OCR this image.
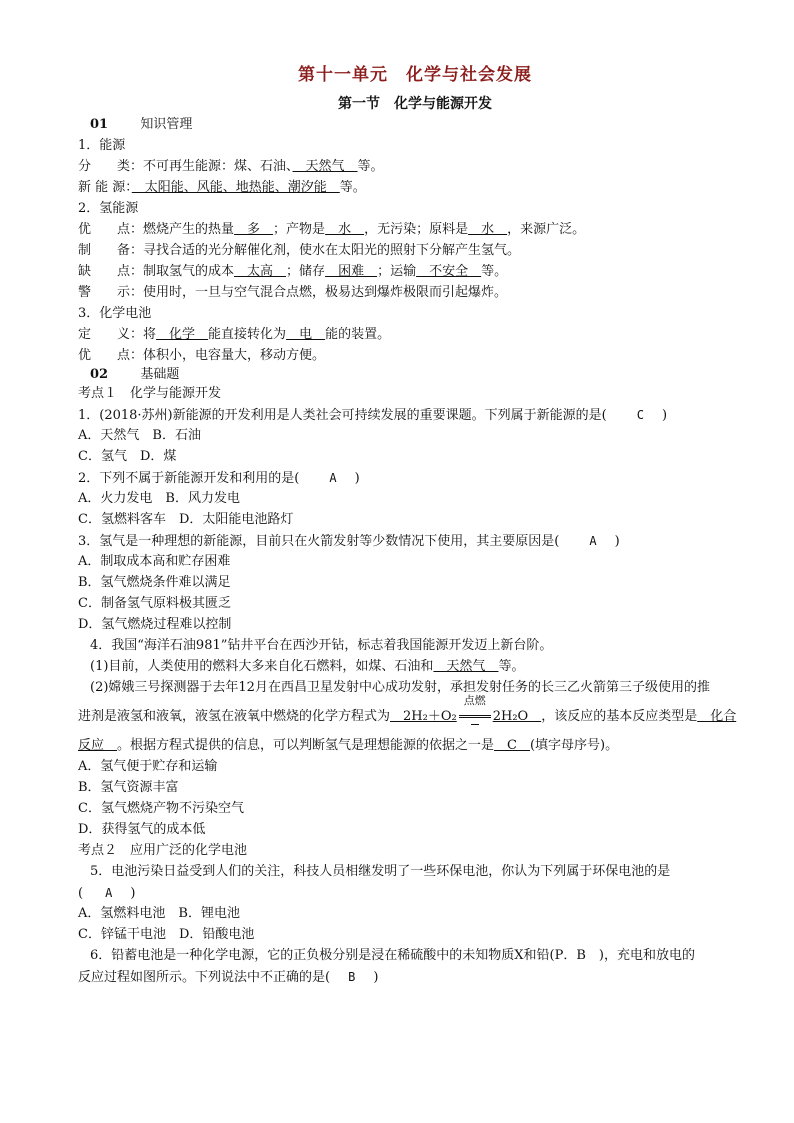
第十一单元　化学与社会发展
第一节　化学与能源开发
01 知识管理
1．能源
分　　类：不可再生能源：煤、石油、　天然气　等。
新 能 源：　太阳能、风能、地热能、潮汐能　等。
2．氢能源
优　　点：燃烧产生的热量　多　；产物是　水　，无污染；原料是　水　，来源广泛。
制　　备：寻找合适的光分解催化剂，使水在太阳光的照射下分解产生氢气。
缺　　点：制取氢气的成本　太高　；储存　困难　；运输　不安全　等。
警　　示：使用时，一旦与空气混合点燃，极易达到爆炸极限而引起爆炸。
3．化学电池
定　　义：将　化学　能直接转化为　电　能的装置。
优　　点：体积小，电容量大，移动方便。
02 基础题
考点１　化学与能源开发
1．(2018·苏州)新能源的开发利用是人类社会可持续发展的重要课题。下列属于新能源的是(	C )
A．天然气　B．石油
C．氢气　D．煤
2．下列不属于新能源开发和利用的是(	A )
A．火力发电　B．风力发电
C．氢燃料客车　D．太阳能电池路灯
3．氢气是一种理想的新能源，目前只在火箭发射等少数情况下使用，其主要原因是(	A )
A．制取成本高和贮存困难
B．氢气燃烧条件难以满足
C．制备氢气原料极其匮乏
D．氢气燃烧过程难以控制
4．我国“海洋石油981”钻井平台在西沙开钻，标志着我国能源开发迈上新台阶。
(1)目前，人类使用的燃料大多来自化石燃料，如煤、石油和　天然气　等。
(2)嫦娥三号探测器于去年12月在西昌卫星发射中心成功发射，承担发射任务的长三乙火箭第三子级使用的推
进剂是液氢和液氧，液氢在液氧中燃烧的化学方程式为　2H₂＋O₂
点燃
2H₂O　，该反应的基本反应类型是　化合
反应　。根据方程式提供的信息，可以判断氢气是理想能源的依据之一是　C　(填字母序号)。
A．氢气便于贮存和运输
B．氢气资源丰富
C．氢气燃烧产物不污染空气
D．获得氢气的成本低
考点２　应用广泛的化学电池
5．电池污染日益受到人们的关注，科技人员相继发明了一些环保电池，你认为下列属于环保电池的是
( A )
A．氢燃料电池　B．锂电池
C．锌锰干电池　D．铅酸电池
6．铅蓄电池是一种化学电源，它的正负极分别是浸在稀硫酸中的未知物质X和铅(P．B　)，充电和放电的
反应过程如图所示。下列说法中不正确的是( B )
